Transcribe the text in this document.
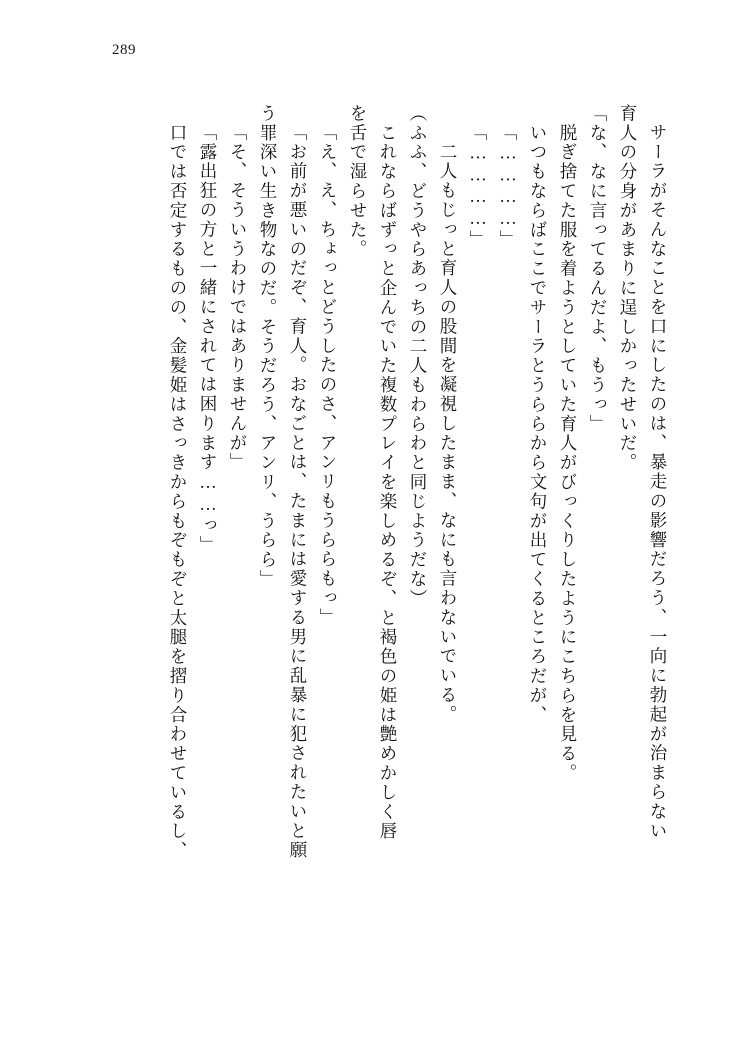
289
サーラがそんなことを口にしたのは、暴走の影響だろう、一向に勃起が治まらない
育人の分身があまりに逞しかったせいだ。
「な、なに言ってるんだよ、もうっ」
　脱ぎ捨てた服を着ようとしていた育人がびっくりしたようにこちらを見る。
　いつもならばここでサーラとうららから文句が出てくるところだが、
「…………」
「…………」
　二人もじっと育人の股間を凝視したまま、なにも言わないでいる。
（ふふ、どうやらあっちの二人もわらわと同じようだな）
　これならばずっと企んでいた複数プレイを楽しめるぞ、と褐色の姫は艶めかしく唇
を舌で湿らせた。
「え、え、ちょっとどうしたのさ、アンリもうららもっ」
「お前が悪いのだぞ、育人。おなごとは、たまには愛する男に乱暴に犯されたいと願
う罪深い生き物なのだ。そうだろう、アンリ、うらら」
「そ、そういうわけではありませんが」
「露出狂の方と一緒にされては困ります……っ」
　口では否定するものの、金髪姫はさっきからもぞもぞと太腿を摺り合わせているし、
